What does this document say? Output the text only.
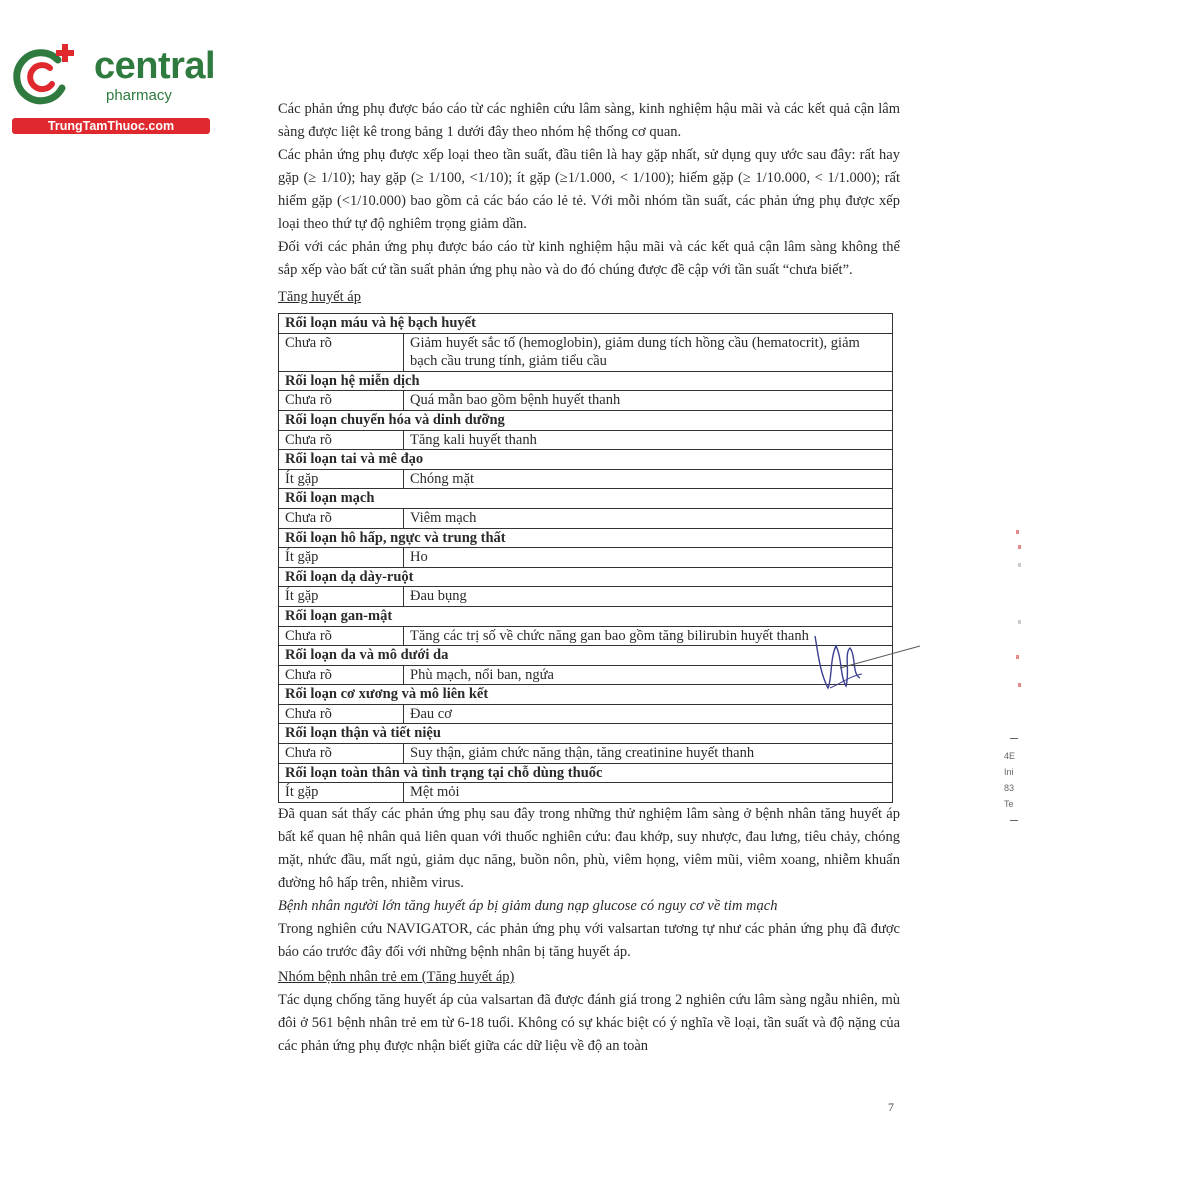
central
pharmacy
TrungTamThuoc.com

Các phản ứng phụ được báo cáo từ các nghiên cứu lâm sàng, kinh nghiệm hậu mãi và các kết quả cận lâm sàng được liệt kê trong bảng 1 dưới đây theo nhóm hệ thống cơ quan.

Các phản ứng phụ được xếp loại theo tần suất, đầu tiên là hay gặp nhất, sử dụng quy ước sau đây: rất hay gặp (≥ 1/10); hay gặp (≥ 1/100, <1/10); ít gặp (≥1/1.000, < 1/100); hiếm gặp (≥ 1/10.000, < 1/1.000); rất hiếm gặp (<1/10.000) bao gồm cả các báo cáo lẻ tẻ. Với mỗi nhóm tần suất, các phản ứng phụ được xếp loại theo thứ tự độ nghiêm trọng giảm dần.

Đối với các phản ứng phụ được báo cáo từ kinh nghiệm hậu mãi và các kết quả cận lâm sàng không thể sắp xếp vào bất cứ tần suất phản ứng phụ nào và do đó chúng được đề cập với tần suất “chưa biết”.

Tăng huyết áp
Rối loạn máu và hệ bạch huyết	
Chưa rõ	Giảm huyết sắc tố (hemoglobin), giảm dung tích hồng cầu (hematocrit), giảm bạch cầu trung tính, giảm tiểu cầu
Rối loạn hệ miễn dịch	
Chưa rõ	Quá mẫn bao gồm bệnh huyết thanh
Rối loạn chuyển hóa và dinh dưỡng	
Chưa rõ	Tăng kali huyết thanh
Rối loạn tai và mê đạo	
Ít gặp	Chóng mặt
Rối loạn mạch	
Chưa rõ	Viêm mạch
Rối loạn hô hấp, ngực và trung thất	
Ít gặp	Ho
Rối loạn dạ dày-ruột	
Ít gặp	Đau bụng
Rối loạn gan-mật	
Chưa rõ	Tăng các trị số về chức năng gan bao gồm tăng bilirubin huyết thanh
Rối loạn da và mô dưới da	
Chưa rõ	Phù mạch, nổi ban, ngứa
Rối loạn cơ xương và mô liên kết	
Chưa rõ	Đau cơ
Rối loạn thận và tiết niệu	
Chưa rõ	Suy thận, giảm chức năng thận, tăng creatinine huyết thanh
Rối loạn toàn thân và tình trạng tại chỗ dùng thuốc	
Ít gặp	Mệt mỏi

Đã quan sát thấy các phản ứng phụ sau đây trong những thử nghiệm lâm sàng ở bệnh nhân tăng huyết áp bất kể quan hệ nhân quả liên quan với thuốc nghiên cứu: đau khớp, suy nhược, đau lưng, tiêu chảy, chóng mặt, nhức đầu, mất ngủ, giảm dục năng, buồn nôn, phù, viêm họng, viêm mũi, viêm xoang, nhiễm khuẩn đường hô hấp trên, nhiễm virus.

Bệnh nhân người lớn tăng huyết áp bị giảm dung nạp glucose có nguy cơ về tim mạch

Trong nghiên cứu NAVIGATOR, các phản ứng phụ với valsartan tương tự như các phản ứng phụ đã được báo cáo trước đây đối với những bệnh nhân bị tăng huyết áp.

Nhóm bệnh nhân trẻ em (Tăng huyết áp)

Tác dụng chống tăng huyết áp của valsartan đã được đánh giá trong 2 nghiên cứu lâm sàng ngẫu nhiên, mù đôi ở 561 bệnh nhân trẻ em từ 6-18 tuổi. Không có sự khác biệt có ý nghĩa về loại, tần suất và độ nặng của các phản ứng phụ được nhận biết giữa các dữ liệu về độ an toàn

7
4E
Ini
83
Te
